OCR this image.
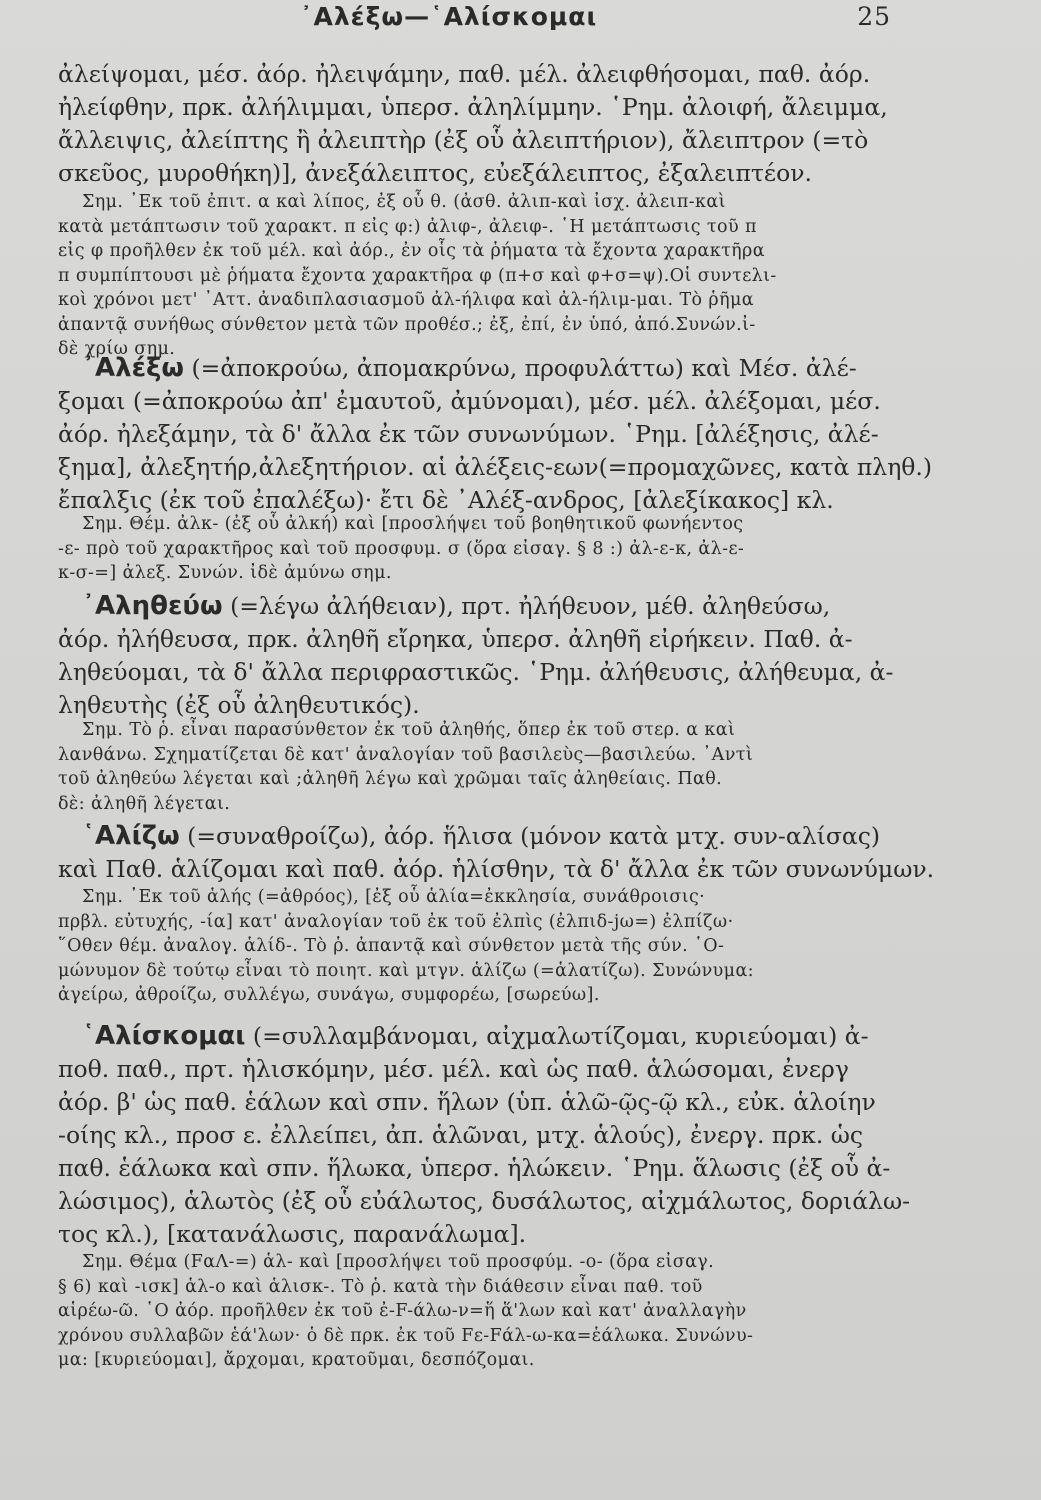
᾿Αλέξω—῾Αλίσκομαι	25

ἀλείψομαι, μέσ. ἀόρ. ἠλειψάμην, παθ. μέλ. ἀλειφθήσομαι, παθ. ἀόρ.

ἠλείφθην, πρκ. ἀλήλιμμαι, ὑπερσ. ἀληλίμμην. ῾Ρημ. ἀλοιφή, ἄλειμμα,

ἄλλειψις, ἀλείπτης ἢ ἀλειπτὴρ (ἐξ οὗ ἀλειπτήριον), ἄλειπτρον (=τὸ

σκεῦος, μυροθήκη)], ἀνεξάλειπτος, εὐεξάλειπτος, ἐξαλειπτέον.

Σημ. ᾿Εκ τοῦ ἐπιτ. α καὶ λίπος, ἐξ οὗ θ. (ἀσθ. ἀλιπ-καὶ ἰσχ. ἀλειπ-καὶ

κατὰ μετάπτωσιν τοῦ χαρακτ. π εἰς φ:) ἀλιφ-, ἀλειφ-. ῾Η μετάπτωσις τοῦ π

εἰς φ προῆλθεν ἐκ τοῦ μέλ. καὶ ἀόρ., ἐν οἷς τὰ ῥήματα τὰ ἔχοντα χαρακτῆρα

π συμπίπτουσι μὲ ῥήματα ἔχοντα χαρακτῆρα φ (π+σ καὶ φ+σ=ψ).Οἱ συντελι-

κοὶ χρόνοι μετ' ᾿Αττ. ἀναδιπλασιασμοῦ ἀλ-ήλιφα καὶ ἀλ-ήλιμ-μαι. Τὸ ῥῆμα

ἁπαντᾷ συνήθως σύνθετον μετὰ τῶν προθέσ.; ἐξ, ἐπί, ἐν ὑπό, ἀπό.Συνών.ἰ-

δὲ χρίω σημ.

᾿Αλέξω (=ἀποκρούω, ἀπομακρύνω, προφυλάττω) καὶ Μέσ. ἀλέ-

ξομαι (=ἀποκρούω ἀπ' ἐμαυτοῦ, ἀμύνομαι), μέσ. μέλ. ἀλέξομαι, μέσ.

ἀόρ. ἠλεξάμην, τὰ δ' ἄλλα ἐκ τῶν συνωνύμων. ῾Ρημ. [ἀλέξησις, ἀλέ-

ξημα], ἀλεξητήρ,ἀλεξητήριον. αἱ ἀλέξεις-εων(=προμαχῶνες, κατὰ πληθ.)

ἔπαλξις (ἐκ τοῦ ἐπαλέξω)· ἔτι δὲ ᾿Αλέξ-ανδρος, [ἀλεξίκακος] κλ.

Σημ. Θέμ. ἀλκ- (ἐξ οὗ ἀλκή) καὶ [προσλήψει τοῦ βοηθητικοῦ φωνήεντος

-ε- πρὸ τοῦ χαρακτῆρος καὶ τοῦ προσφυμ. σ (ὅρα εἰσαγ. § 8 :) ἀλ-ε-κ, ἀλ-ε-

κ-σ-=] ἀλεξ. Συνών. ἰδὲ ἀμύνω σημ.

᾿Αληθεύω (=λέγω ἀλήθειαν), πρτ. ἠλήθευον, μέθ. ἀληθεύσω,

ἀόρ. ἠλήθευσα, πρκ. ἀληθῆ εἴρηκα, ὑπερσ. ἀληθῆ εἰρήκειν. Παθ. ἀ-

ληθεύομαι, τὰ δ' ἄλλα περιφραστικῶς. ῾Ρημ. ἀλήθευσις, ἀλήθευμα, ἀ-

ληθευτὴς (ἐξ οὗ ἀληθευτικός).

Σημ. Τὸ ῥ. εἶναι παρασύνθετον ἐκ τοῦ ἀληθής, ὅπερ ἐκ τοῦ στερ. α καὶ

λανθάνω. Σχηματίζεται δὲ κατ' ἀναλογίαν τοῦ βασιλεὺς—βασιλεύω. ᾿Αντὶ

τοῦ ἀληθεύω λέγεται καὶ ;ἀληθῆ λέγω καὶ χρῶμαι ταῖς ἀληθείαις. Παθ.

δὲ: ἀληθῆ λέγεται.

῾Αλίζω (=συναθροίζω), ἀόρ. ἥλισα (μόνον κατὰ μτχ. συν-αλίσας)

καὶ Παθ. ἁλίζομαι καὶ παθ. ἀόρ. ἡλίσθην, τὰ δ' ἄλλα ἐκ τῶν συνωνύμων.

Σημ. ᾿Εκ τοῦ ἁλής (=ἀθρόος), [ἐξ οὗ ἁλία=ἐκκλησία, συνάθροισις·

πρβλ. εὐτυχής, -ία] κατ' ἀναλογίαν τοῦ ἐκ τοῦ ἐλπὶς (ἐλπιδ-jω=) ἐλπίζω·

῞Οθεν θέμ. ἀναλογ. ἁλίδ-. Τὸ ῥ. ἀπαντᾷ καὶ σύνθετον μετὰ τῆς σύν. ῾Ο-

μώνυμον δὲ τούτῳ εἶναι τὸ ποιητ. καὶ μτγν. ἁλίζω (=ἁλατίζω). Συνώνυμα:

ἀγείρω, ἀθροίζω, συλλέγω, συνάγω, συμφορέω, [σωρεύω].

῾Αλίσκομαι (=συλλαμβάνομαι, αἰχμαλωτίζομαι, κυριεύομαι) ἀ-

ποθ. παθ., πρτ. ἡλισκόμην, μέσ. μέλ. καὶ ὡς παθ. ἁλώσομαι, ἐνεργ

ἀόρ. β' ὡς παθ. ἑάλων καὶ σπν. ἥλων (ὑπ. ἁλῶ-ῷς-ῷ κλ., εὐκ. ἁλοίην

-οίης κλ., προσ ε. ἐλλείπει, ἀπ. ἁλῶναι, μτχ. ἁλούς), ἐνεργ. πρκ. ὡς

παθ. ἑάλωκα καὶ σπν. ἥλωκα, ὑπερσ. ἡλώκειν. ῾Ρημ. ἅλωσις (ἐξ οὗ ἀ-

λώσιμος), ἁλωτὸς (ἐξ οὗ εὐάλωτος, δυσάλωτος, αἰχμάλωτος, δοριάλω-

τος κλ.), [κατανάλωσις, παρανάλωμα].

Σημ. Θέμα (FαΛ-=) ἁλ- καὶ [προσλήψει τοῦ προσφύμ. -ο- (ὅρα εἰσαγ.

§ 6) καὶ -ισκ] ἁλ-ο καὶ ἁλισκ-. Τὸ ῥ. κατὰ τὴν διάθεσιν εἶναι παθ. τοῦ

αἱρέω-ῶ. ῾Ο ἀόρ. προῆλθεν ἐκ τοῦ ἐ-F-άλω-ν=ἥ ἅ'λων καὶ κατ' ἀναλλαγὴν

χρόνου συλλαβῶν ἑά'λων· ὁ δὲ πρκ. ἐκ τοῦ Fε-Fάλ-ω-κα=ἑάλωκα. Συνώνυ-

μα: [κυριεύομαι], ἄρχομαι, κρατοῦμαι, δεσπόζομαι.
